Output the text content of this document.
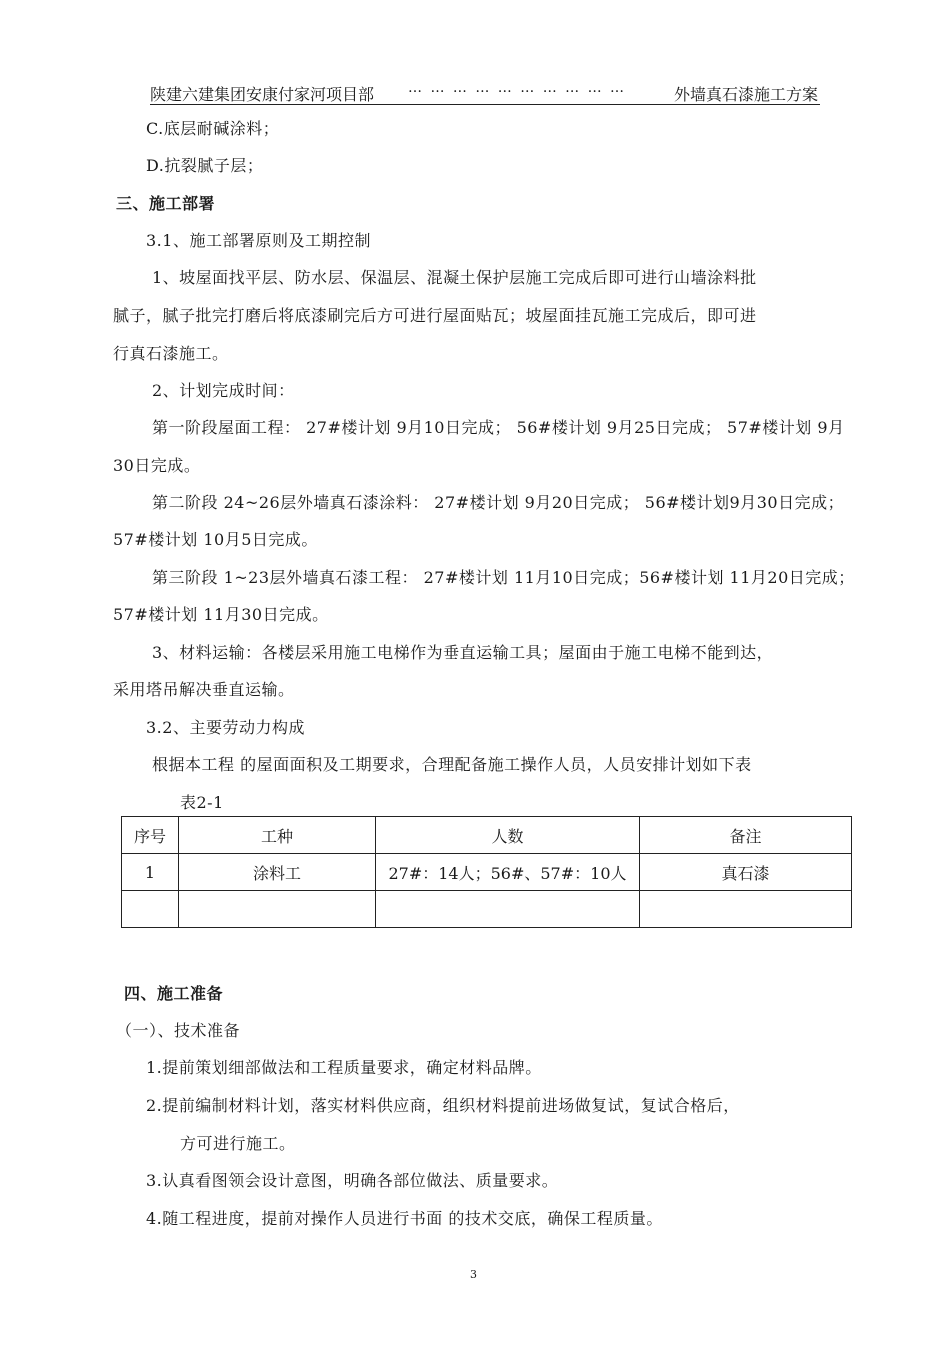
陕建六建集团安康付家河项目部 … … … … … … … … … …	外墙真石漆施工方案
C.底层耐碱涂料；
D.抗裂腻子层；
三、施工部署
3.1、施工部署原则及工期控制
1、坡屋面找平层、防水层、保温层、混凝土保护层施工完成后即可进行山墙涂料批
腻子，腻子批完打磨后将底漆刷完后方可进行屋面贴瓦；坡屋面挂瓦施工完成后，即可进
行真石漆施工。
2、计划完成时间：
第一阶段屋面工程： 27#楼计划 9月10日完成； 56#楼计划 9月25日完成； 57#楼计划 9月
30日完成。
第二阶段 24~26层外墙真石漆涂料： 27#楼计划 9月20日完成； 56#楼计划9月30日完成；
57#楼计划 10月5日完成。
第三阶段 1~23层外墙真石漆工程： 27#楼计划 11月10日完成；56#楼计划 11月20日完成；
57#楼计划 11月30日完成。
3、材料运输：各楼层采用施工电梯作为垂直运输工具；屋面由于施工电梯不能到达，
采用塔吊解决垂直运输。
3.2、主要劳动力构成
根据本工程 的屋面面积及工期要求，合理配备施工操作人员，人员安排计划如下表
表2-1
序号	工种	人数	备注
1	涂料工	27#：14人；56#、57#：10人	真石漆

四、施工准备
（一）、技术准备
1.提前策划细部做法和工程质量要求，确定材料品牌。
2.提前编制材料计划，落实材料供应商，组织材料提前进场做复试，复试合格后，
方可进行施工。
3.认真看图领会设计意图，明确各部位做法、质量要求。
4.随工程进度，提前对操作人员进行书面 的技术交底，确保工程质量。
3
